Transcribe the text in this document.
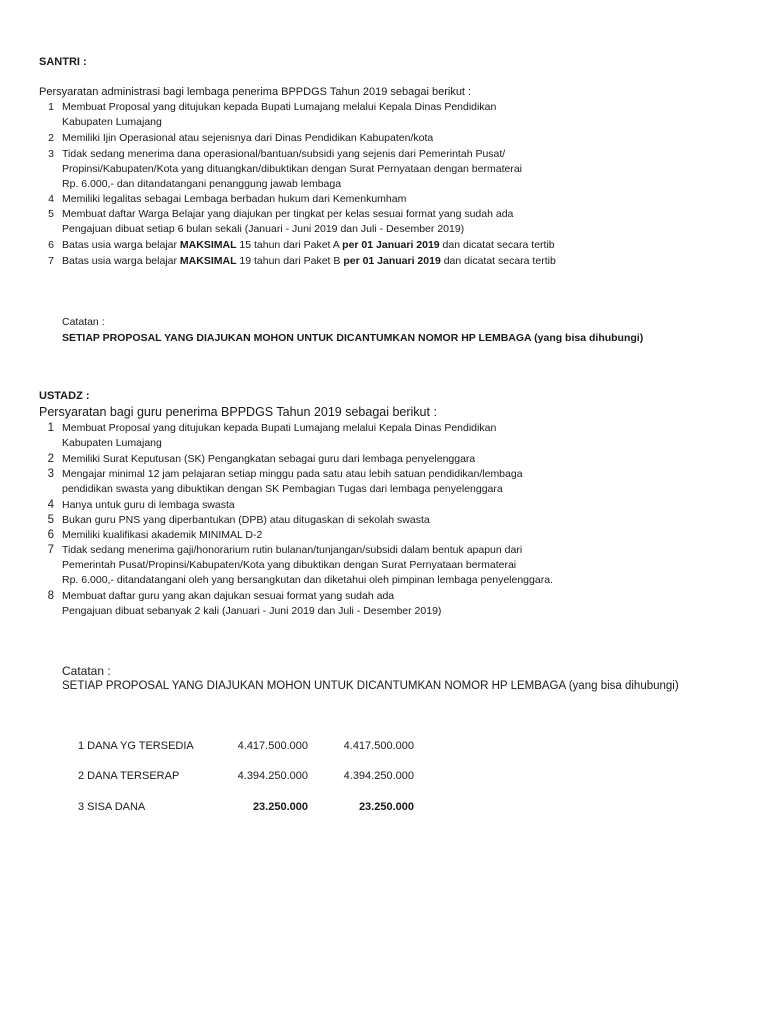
SANTRI :
Persyaratan administrasi bagi lembaga penerima BPPDGS Tahun 2019 sebagai berikut :
1 Membuat Proposal yang ditujukan kepada Bupati Lumajang melalui Kepala Dinas Pendidikan
Kabupaten Lumajang
2 Memiliki Ijin Operasional atau sejenisnya dari Dinas Pendidikan Kabupaten/kota
3 Tidak sedang menerima dana operasional/bantuan/subsidi yang sejenis dari Pemerintah Pusat/
Propinsi/Kabupaten/Kota yang dituangkan/dibuktikan dengan Surat Pernyataan dengan bermaterai
Rp. 6.000,- dan ditandatangani penanggung jawab lembaga
4 Memiliki legalitas sebagai Lembaga berbadan hukum dari Kemenkumham
5 Membuat daftar Warga Belajar yang diajukan per tingkat per kelas sesuai format yang sudah ada
Pengajuan dibuat setiap 6 bulan sekali (Januari - Juni 2019 dan Juli - Desember 2019)
6 Batas usia warga belajar MAKSIMAL 15 tahun dari Paket A per 01 Januari 2019 dan dicatat secara tertib
7 Batas usia warga belajar MAKSIMAL 19 tahun dari Paket B per 01 Januari 2019 dan dicatat secara tertib
Catatan :
SETIAP PROPOSAL YANG DIAJUKAN MOHON UNTUK DICANTUMKAN NOMOR HP LEMBAGA (yang bisa dihubungi)
USTADZ :
Persyaratan bagi guru penerima BPPDGS Tahun 2019 sebagai berikut :
1 Membuat Proposal yang ditujukan kepada Bupati Lumajang melalui Kepala Dinas Pendidikan
Kabupaten Lumajang
2 Memiliki Surat Keputusan (SK) Pengangkatan sebagai guru dari lembaga penyelenggara
3 Mengajar minimal 12 jam pelajaran setiap minggu pada satu atau lebih satuan pendidikan/lembaga
pendidikan swasta yang dibuktikan dengan SK Pembagian Tugas dari lembaga penyelenggara
4 Hanya untuk guru di lembaga swasta
5 Bukan guru PNS yang diperbantukan (DPB) atau ditugaskan di sekolah swasta
6 Memiliki kualifikasi akademik MINIMAL D-2
7 Tidak sedang menerima gaji/honorarium rutin bulanan/tunjangan/subsidi dalam bentuk apapun dari
Pemerintah Pusat/Propinsi/Kabupaten/Kota yang dibuktikan dengan Surat Pernyataan bermaterai
Rp. 6.000,- ditandatangani oleh yang bersangkutan dan diketahui oleh pimpinan lembaga penyelenggara.
8 Membuat daftar guru yang akan dajukan sesuai format yang sudah ada
Pengajuan dibuat sebanyak 2 kali (Januari - Juni 2019 dan Juli - Desember 2019)
Catatan :
SETIAP PROPOSAL YANG DIAJUKAN MOHON UNTUK DICANTUMKAN NOMOR HP LEMBAGA (yang bisa dihubungi)
1 DANA YG TERSEDIA	4.417.500.000	4.417.500.000
2 DANA TERSERAP	4.394.250.000	4.394.250.000
3 SISA DANA	23.250.000	23.250.000
